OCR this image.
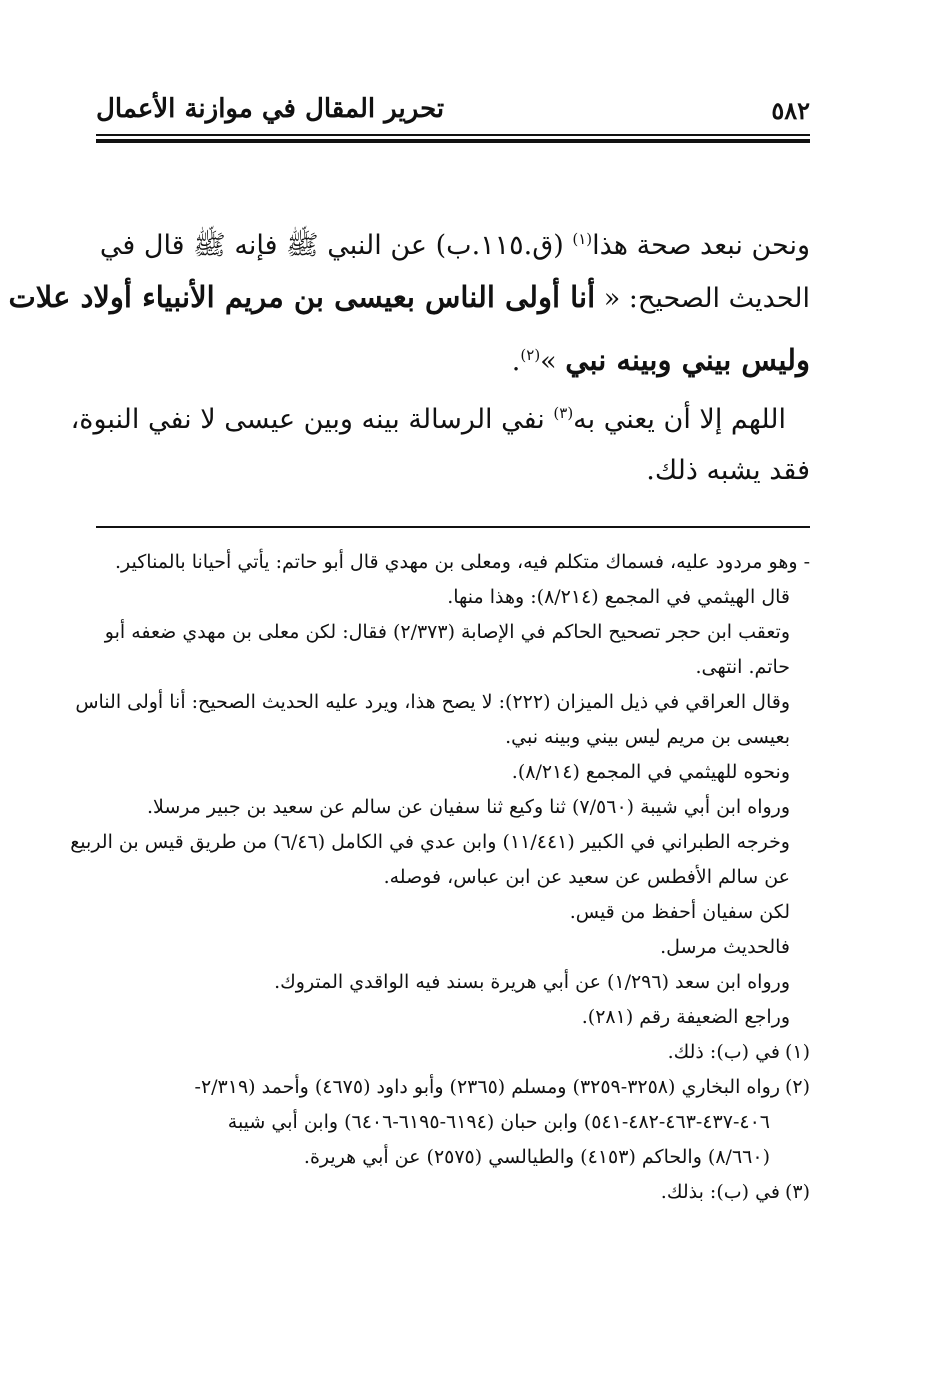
٥٨٢
تحرير المقال في موازنة الأعمال

ونحن نبعد صحة هذا$^{(١)}$ (ق.١١٥.ب) عن النبي ﷺ فإنه ﷺ قال في
الحديث الصحيح: « أنا أولى الناس بعيسى بن مريم الأنبياء أولاد علات
وليس بيني وبينه نبي »$^{(٢)}$.

اللهم إلا أن يعني به$^{(٣)}$ نفي الرسالة بينه وبين عيسى لا نفي النبوة،
فقد يشبه ذلك.

- وهو مردود عليه، فسماك متكلم فيه، ومعلى بن مهدي قال أبو حاتم: يأتي أحيانا بالمناكير.
قال الهيثمي في المجمع (٨/٢١٤): وهذا منها.
وتعقب ابن حجر تصحيح الحاكم في الإصابة (٢/٣٧٣) فقال: لكن معلى بن مهدي ضعفه أبو
حاتم. انتهى.
وقال العراقي في ذيل الميزان (٢٢٢): لا يصح هذا، ويرد عليه الحديث الصحيح: أنا أولى الناس
بعيسى بن مريم ليس بيني وبينه نبي.
ونحوه للهيثمي في المجمع (٨/٢١٤).
ورواه ابن أبي شيبة (٧/٥٦٠) ثنا وكيع ثنا سفيان عن سالم عن سعيد بن جبير مرسلا.
وخرجه الطبراني في الكبير (١١/٤٤١) وابن عدي في الكامل (٦/٤٦) من طريق قيس بن الربيع
عن سالم الأفطس عن سعيد عن ابن عباس، فوصله.
لكن سفيان أحفظ من قيس.
فالحديث مرسل.
ورواه ابن سعد (١/٢٩٦) عن أبي هريرة بسند فيه الواقدي المتروك.
وراجع الضعيفة رقم (٢٨١).
(١)في (ب): ذلك.
(٢)رواه البخاري (٣٢٥٨-٣٢٥٩) ومسلم (٢٣٦٥) وأبو داود (٤٦٧٥) وأحمد (٢/٣١٩-
٤٠٦-٤٣٧-٤٦٣-٤٨٢-٥٤١) وابن حبان (٦١٩٤-٦١٩٥-٦٤٠٦) وابن أبي شيبة
(٨/٦٦٠) والحاكم (٤١٥٣) والطيالسي (٢٥٧٥) عن أبي هريرة.
(٣)في (ب): بذلك.
